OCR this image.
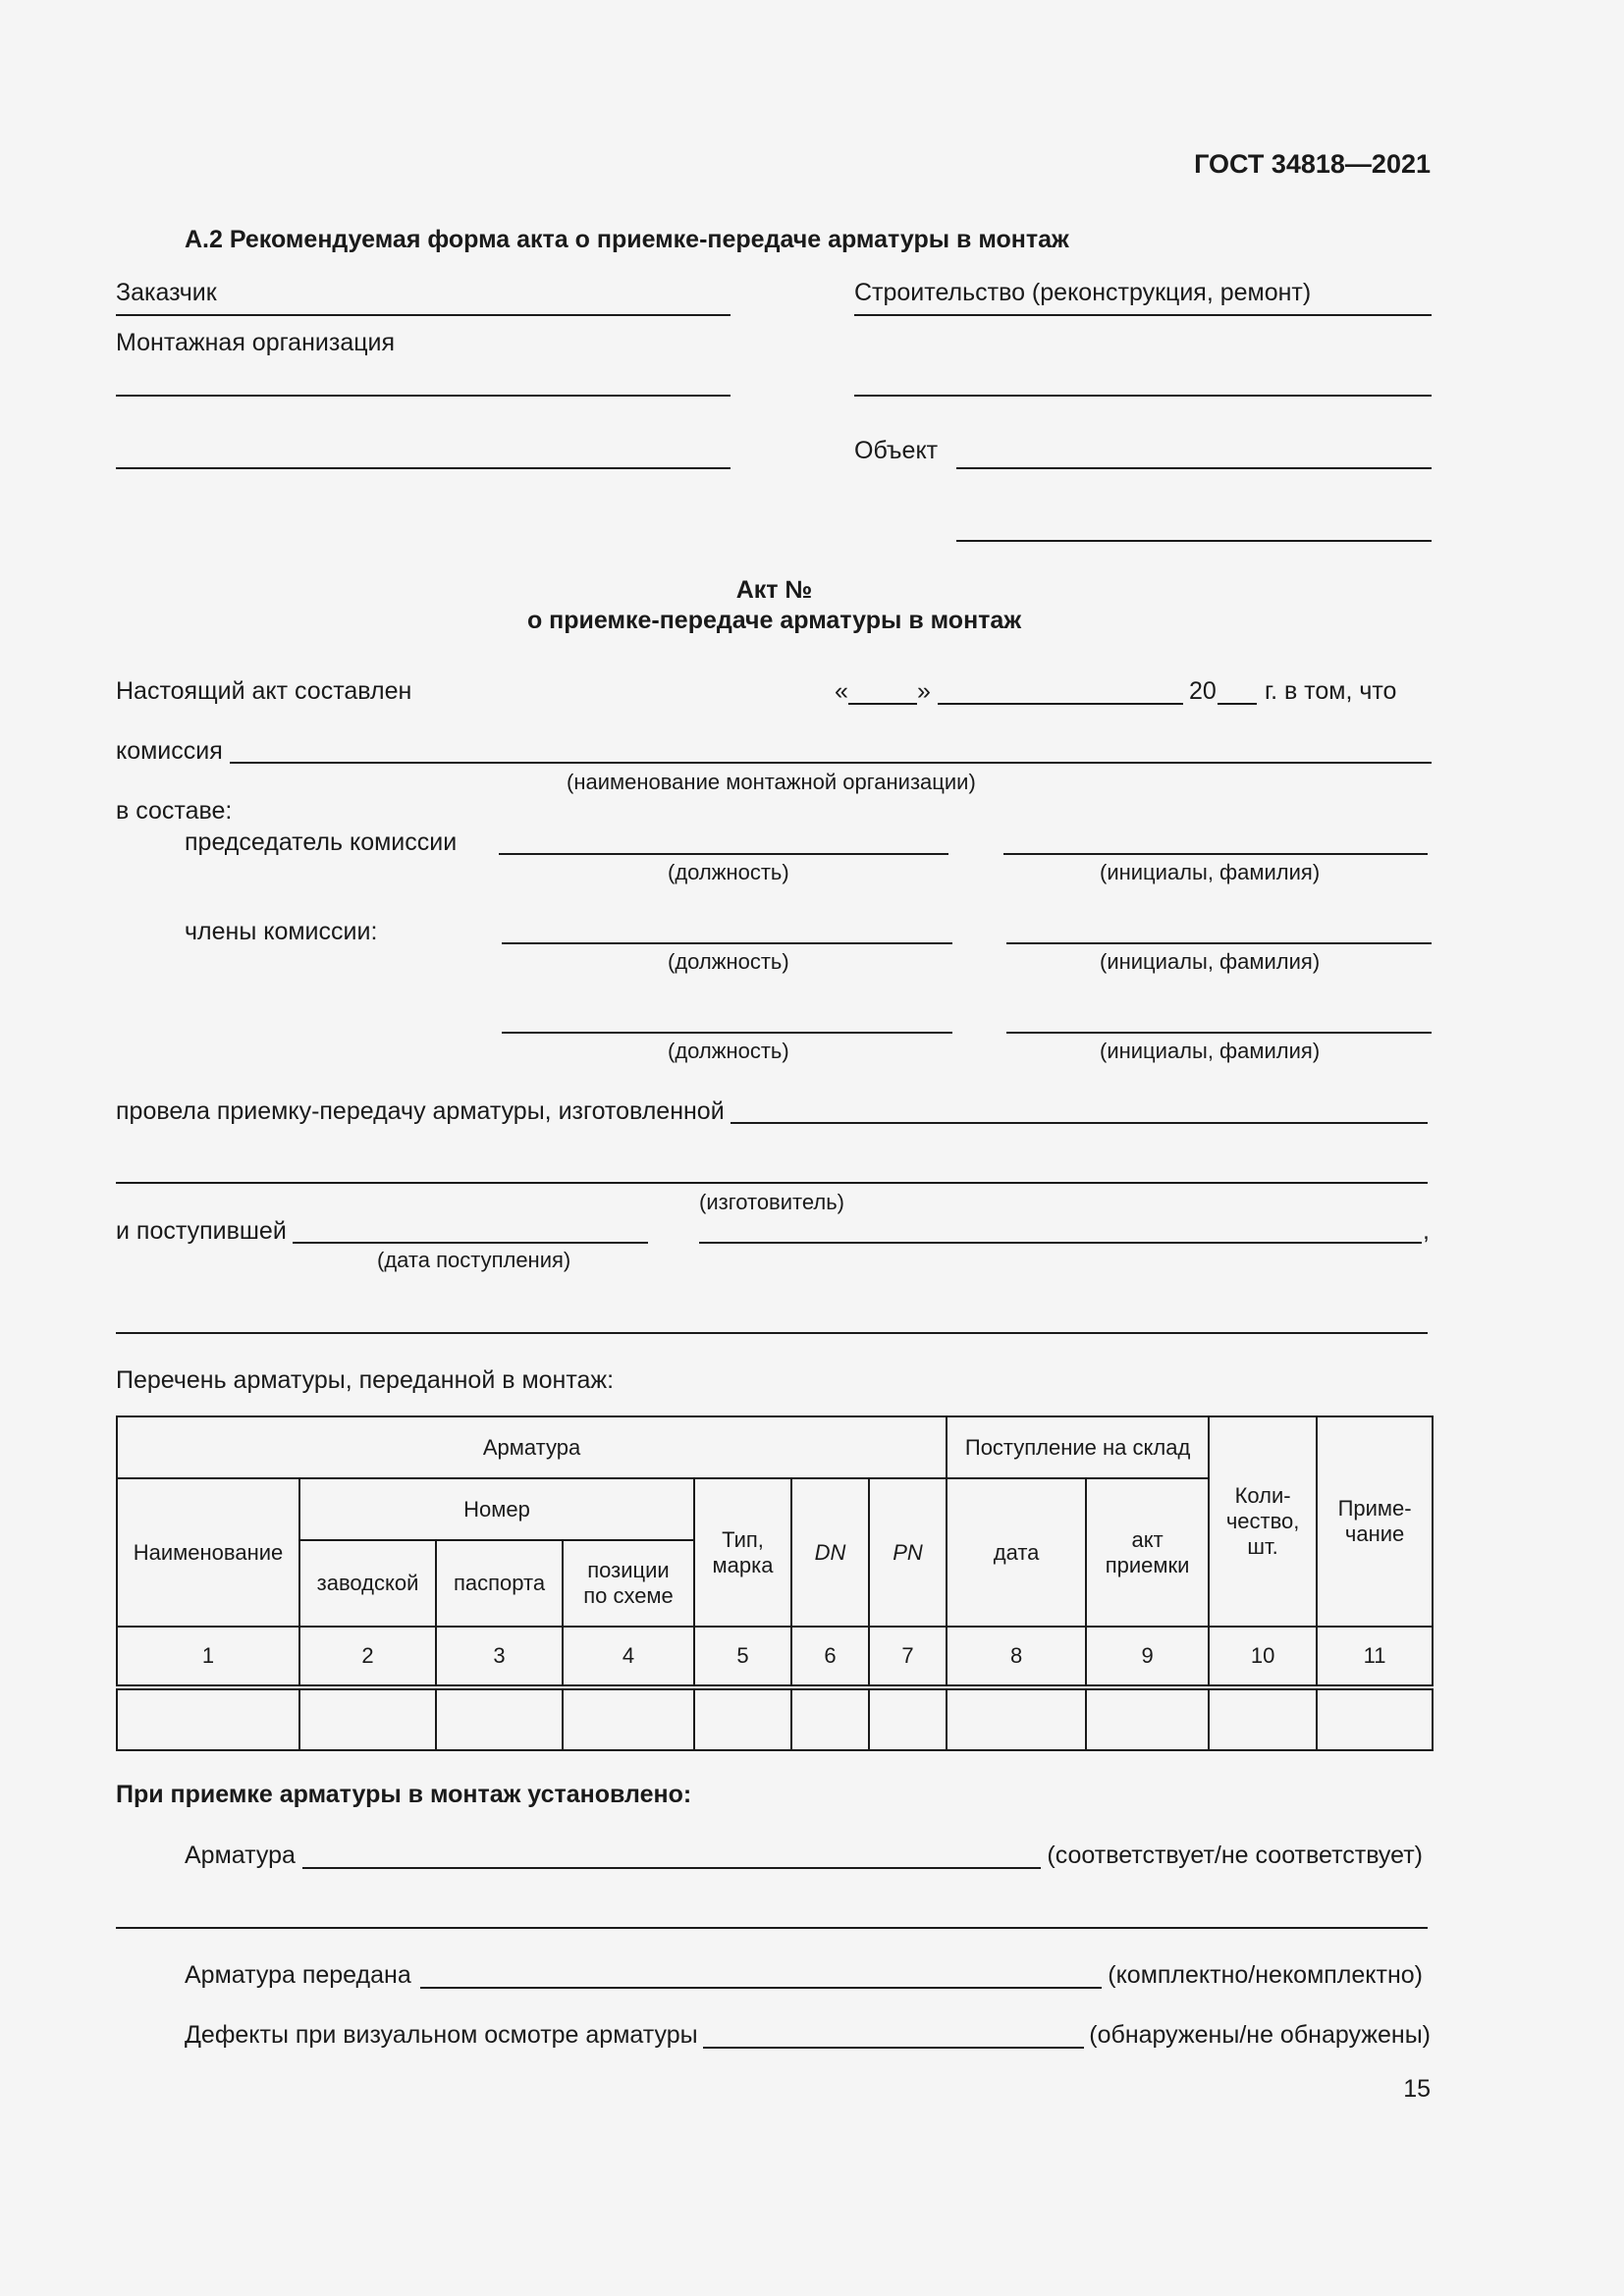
ГОСТ 34818—2021
А.2 Рекомендуемая форма акта о приемке-передаче арматуры в монтаж
Заказчик	Строительство (реконструкция, ремонт)
Монтажная организация
Объект
Акт №
о приемке-передаче арматуры в монтаж
Настоящий акт составлен	«	»	20 г. в том, что
комиссия
(наименование монтажной организации)
в составе:
председатель комиссии
(должность)	(инициалы, фамилия)
члены комиссии:
(должность)	(инициалы, фамилия)
(должность)	(инициалы, фамилия)
провела приемку-передачу арматуры, изготовленной
(изготовитель)
и поступившей	,
(дата поступления)
Перечень арматуры, переданной в монтаж:
Арматура							Поступление на склад		Коли-чество, шт.	Приме-чание
Наименование	Номер			Тип, марка	DN	PN	дата	акт приемки		
	заводской	паспорта	позиции по схеме							
1	2	3	4	5	6	7	8	9	10	11

При приемке арматуры в монтаж установлено:
Арматура	(соответствует/не соответствует)
Арматура передана	(комплектно/некомплектно)
Дефекты при визуальном осмотре арматуры	(обнаружены/не обнаружены)
15
